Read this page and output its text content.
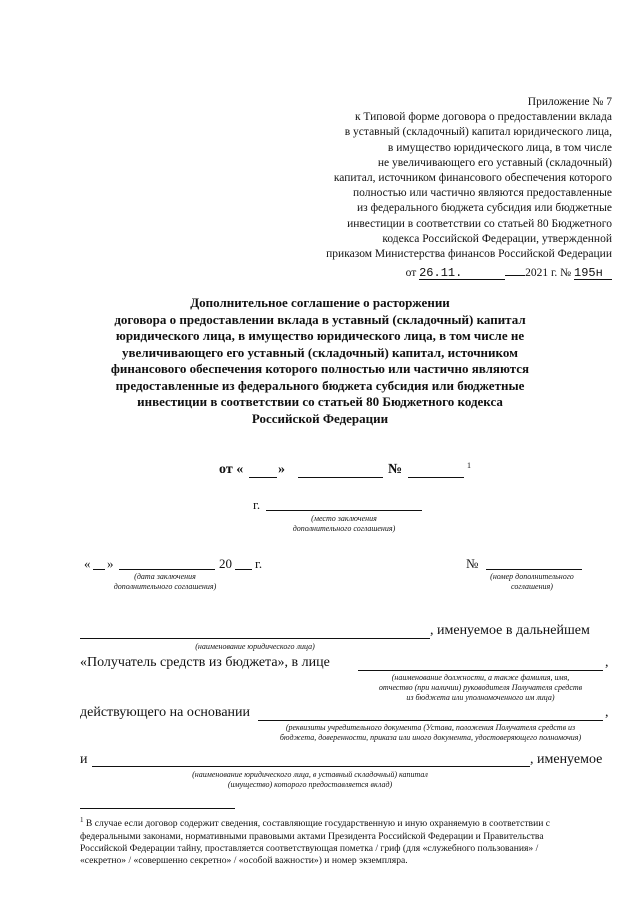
Приложение № 7
к Типовой форме договора о предоставлении вклада
в уставный (складочный) капитал юридического лица,
в имущество юридического лица, в том числе
не увеличивающего его уставный (складочный)
капитал, источником финансового обеспечения которого
полностью или частично являются предоставленные
из федерального бюджета субсидия или бюджетные
инвестиции в соответствии со статьей 80 Бюджетного
кодекса Российской Федерации, утвержденной
приказом Министерства финансов Российской Федерации
от 26.11.	2021 г. № 195н
Дополнительное соглашение о расторжении
договора о предоставлении вклада в уставный (складочный) капитал
юридического лица, в имущество юридического лица, в том числе не
увеличивающего его уставный (складочный) капитал, источником
финансового обеспечения которого полностью или частично являются
предоставленные из федерального бюджета субсидия или бюджетные
инвестиции в соответствии со статьей 80 Бюджетного кодекса
Российской Федерации
от « »	№	1
г.
(место заключения
дополнительного соглашения)
« »	20 г.
(дата заключения
дополнительного соглашения)
№
(номер дополнительного
соглашения)
, именуемое в дальнейшем
(наименование юридического лица)
«Получатель средств из бюджета», в лице	,
(наименование должности, а также фамилия, имя,
отчество (при наличии) руководителя Получателя средств
из бюджета или уполномоченного им лица)
действующего на основании	,
(реквизиты учредительного документа (Устава, положения Получателя средств из
бюджета, доверенности, приказа или иного документа, удостоверяющего полномочия)
и	, именуемое
(наименование юридического лица, в уставный складочный) капитал
(имущество) которого предоставляется вклад)
$^1$ В случае если договор содержит сведения, составляющие государственную и иную охраняемую в соответствии с
федеральными законами, нормативными правовыми актами Президента Российской Федерации и Правительства
Российской Федерации тайну, проставляется соответствующая пометка / гриф (для «служебного пользования» /
«секретно» / «совершенно секретно» / «особой важности») и номер экземпляра.
